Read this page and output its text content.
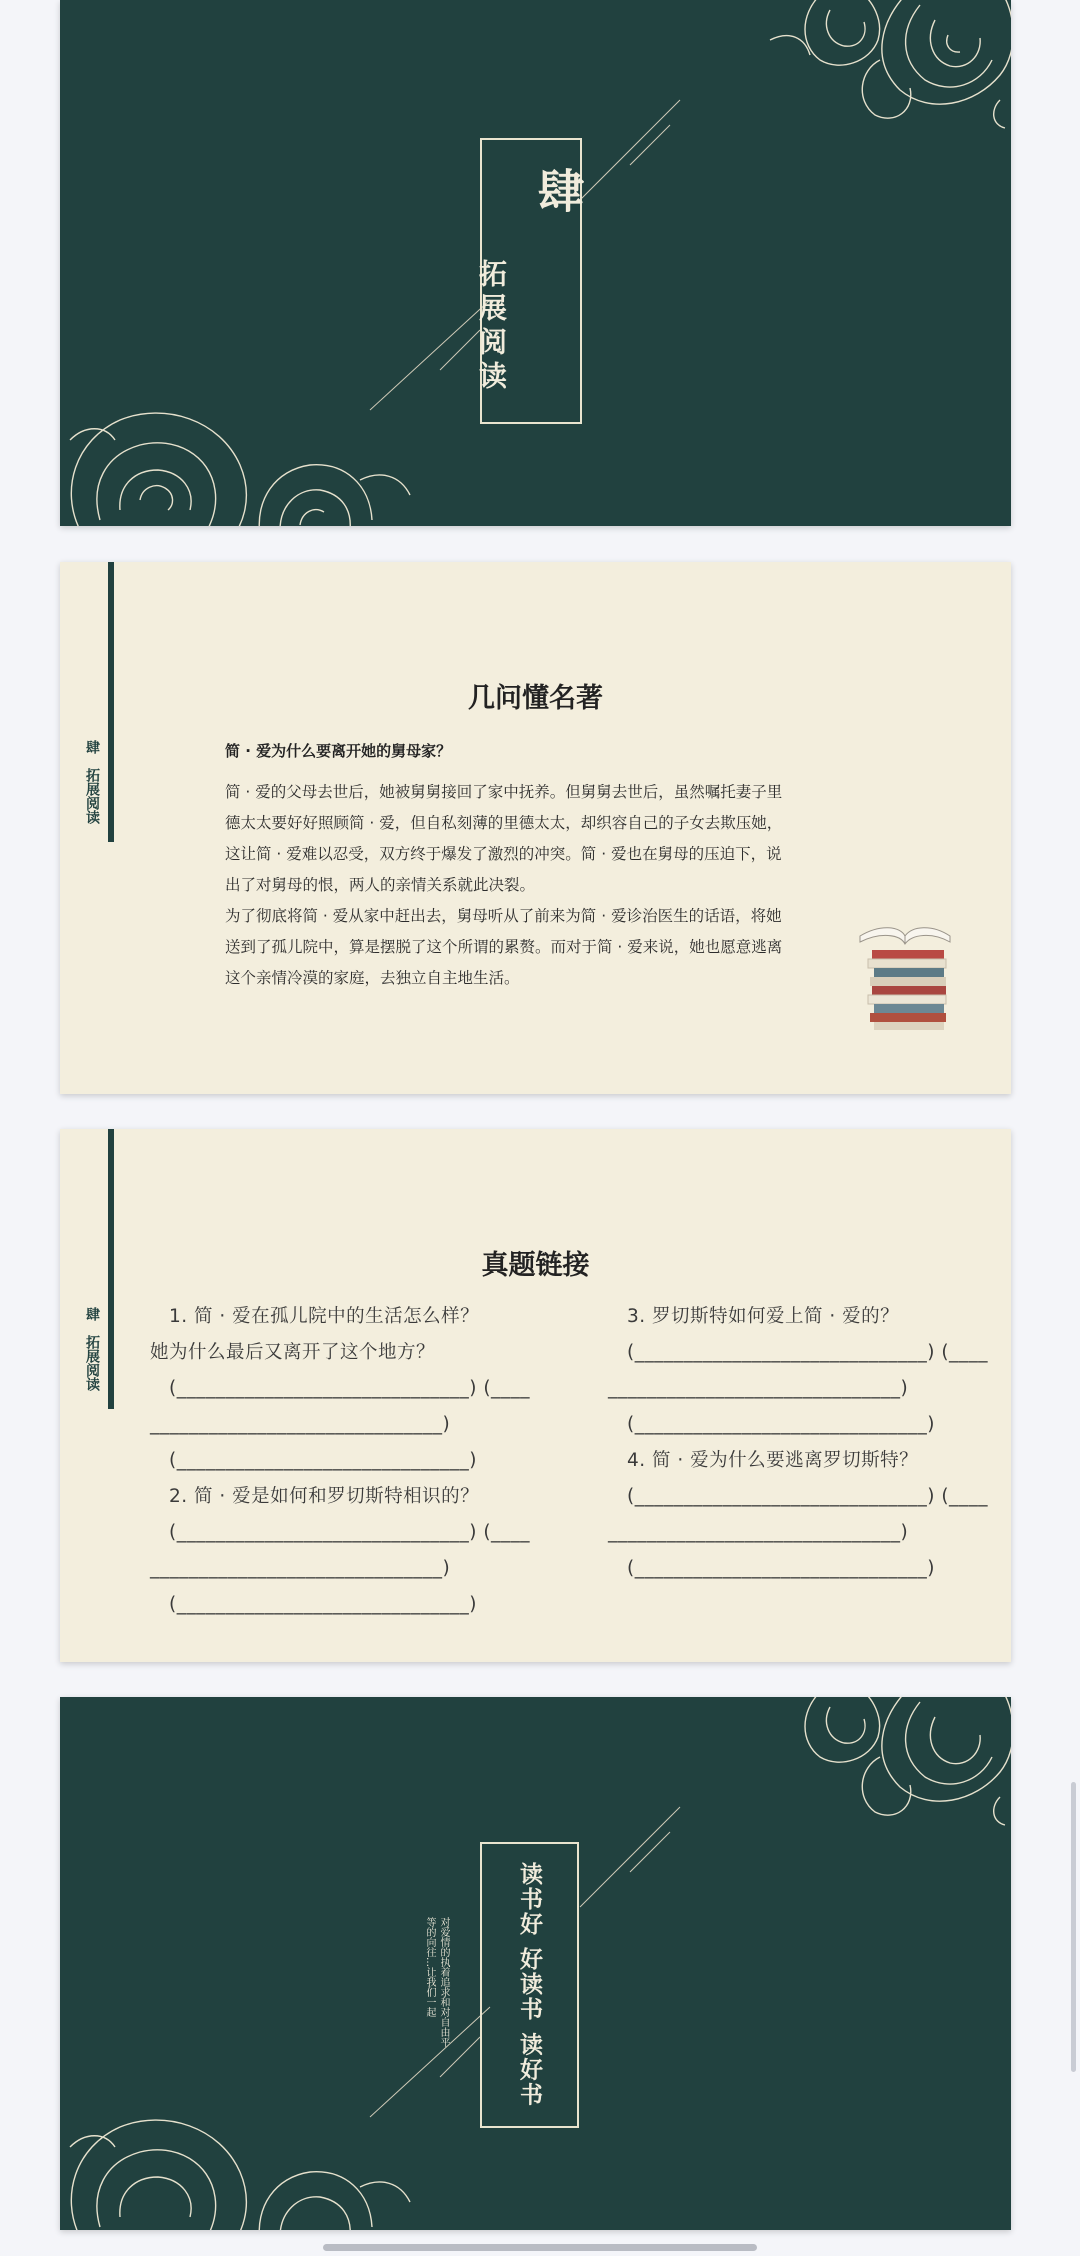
肆

拓展阅读

肆　拓展阅读
几问懂名著
简 · 爱为什么要离开她的舅母家？
简 · 爱的父母去世后，她被舅舅接回了家中抚养。但舅舅去世后，虽然嘱托妻子里
德太太要好好照顾简 · 爱，但自私刻薄的里德太太，却织容自己的子女去欺压她，
这让简 · 爱难以忍受，双方终于爆发了激烈的冲突。简 · 爱也在舅母的压迫下，说
出了对舅母的恨，两人的亲情关系就此决裂。
为了彻底将简 · 爱从家中赶出去，舅母听从了前来为简 · 爱诊治医生的话语，将她
送到了孤儿院中，算是摆脱了这个所谓的累赘。而对于简 · 爱来说，她也愿意逃离
这个亲情冷漠的家庭，去独立自主地生活。
肆　拓展阅读
真题链接
　1. 简 · 爱在孤儿院中的生活怎么样？
她为什么最后又离开了这个地方？
　(______________________________) (____
______________________________)
　(______________________________)
　2. 简 · 爱是如何和罗切斯特相识的？
　(______________________________) (____
______________________________)
　(______________________________)
　3. 罗切斯特如何爱上简 · 爱的？
　(______________________________) (____
______________________________)
　(______________________________)
　4. 简 · 爱为什么要逃离罗切斯特？
　(______________________________) (____
______________________________)
　(______________________________)

读书好 好读书 读好书

对爱情的执着追求和对自由平等的向往…让我们一起
